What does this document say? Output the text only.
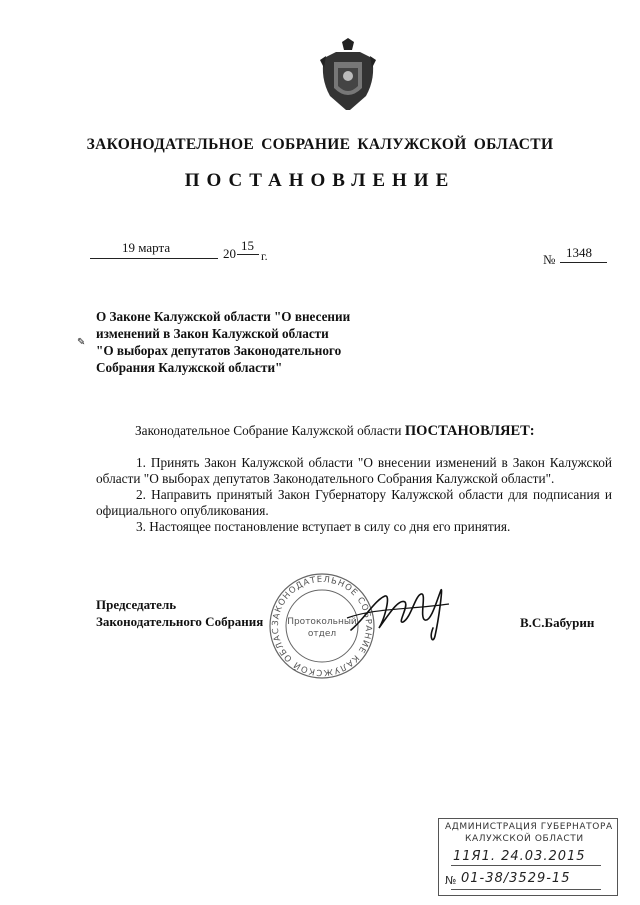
ЗАКОНОДАТЕЛЬНОЕ СОБРАНИЕ КАЛУЖСКОЙ ОБЛАСТИ
ПОСТАНОВЛЕНИЕ
19 марта	20
15
г.	№ 1348
✎
О Законе Калужской области "О внесении
изменений в Закон Калужской области
"О выборах депутатов Законодательного
Собрания Калужской области"
Законодательное Собрание Калужской области ПОСТАНОВЛЯЕТ:

1. Принять Закон Калужской области "О внесении изменений в Закон Калужской области "О выборах депутатов Законодательного Собрания Калужской области".

2. Направить принятый Закон Губернатору Калужской области для подписания и официального опубликования.

3. Настоящее постановление вступает в силу со дня его принятия.

Председатель
Законодательного Собрания	В.С.Бабурин
ЗАКОНОДАТЕЛЬНОЕ СОБРАНИЕ КАЛУЖСКОЙ ОБЛАС
Протокольный
отдел
АДМИНИСТРАЦИЯ ГУБЕРНАТОРА
КАЛУЖСКОЙ ОБЛАСТИ
11Я1. 24.03.2015
№ 01-38/3529-15
